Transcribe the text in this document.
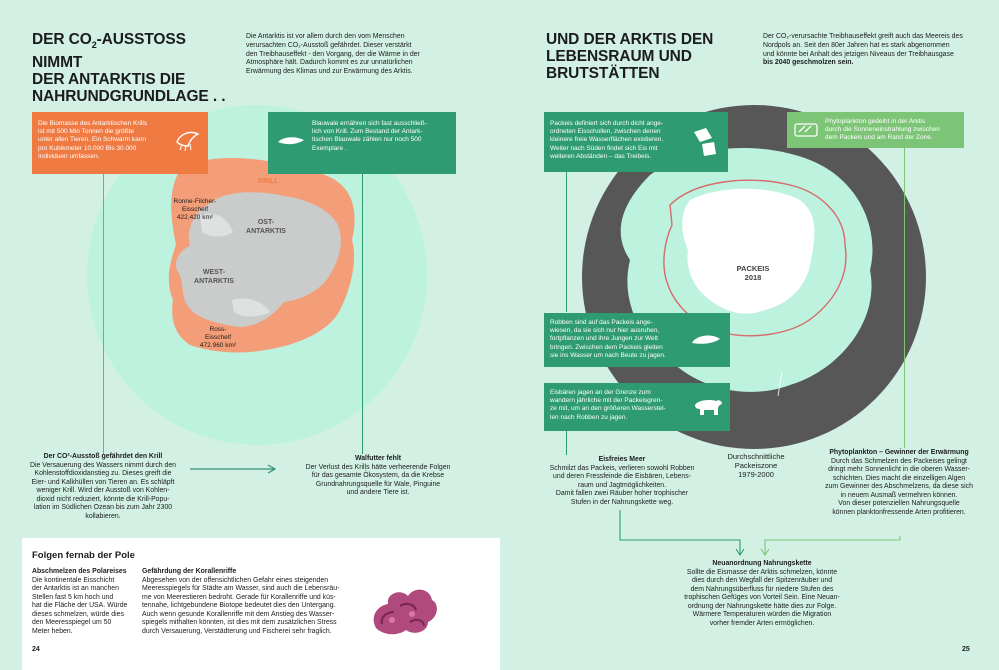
DER $CO_2$-AUSSTOSS NIMMT
DER ANTARKTIS DIE
NAHRUNDGRUNDLAGE . .
Die Antarktis ist vor allem durch den vom Menschen
verursachten CO₂-Ausstoß gefährdet. Dieser verstärkt
den Treibhauseffekt - den Vorgang, der die Wärme in der
Atmosphäre hält. Dadurch kommt es zur unnatürlichen
Erwärmung des Klimas und zur Erwärmung des Arktis.
Die Biomasse des Antarktischen Krills
ist mit 500 Mio Tonnen die größte
unter allen Tieren. Ein Schwarm kann
pro Kubikmeter 10.000 Bis 30.000
Individuen umfassen.
Blauwale ernähren sich fast ausschließ-
lich von Krill. Zum Bestand der Antark-
tischen Blauwale zählen nur noch 500
Exemplare .
KRILL
Ronne-Filcher-
Eisschelf
422.420 km²
OST-
ANTARKTIS
WEST-
ANTARKTIS
Ross-
Eisschelf
472.960 km²
Der CO²-Ausstoß gefährdet den Krill
Die Versauerung des Wassers nimmt durch den
Kohlenstoffdioxidanstieg zu. Dieses greift die
Eier- und Kalkhüllen von Tieren an. Es schläpft
weniger Krill. Wird der Ausstoß von Kohlen-
dioxid nicht reduziert, könnte die Krill-Popu-
lation im Südlichen Ozean bis zum Jahr 2300
kollabieren.
Walfutter fehlt
Der Verlust des Krills hätte verheerende Folgen
für das gesamte Ökosystem, da die Krebse
Grundnahrungsquelle für Wale, Pinguine
und andere Tiere ist.
Folgen fernab der Pole
Abschmelzen des Polareises
Die kontinentale Eisschicht
der Antarktis ist an manchen
Stellen fast 5 km hoch und
hat die Fläche der USA. Würde
dieses schmelzen, würde dies
den Meeresspiegel um 50
Meter heben.
Gefährdung der Korallenriffe
Abgesehen von der offensichtlichen Gefahr eines steigenden
Meeresspiegels für Städte am Wasser, sind auch die Lebensräu-
me von Meerestieren bedroht. Gerade für Korallenriffe und küs-
tennahe, lichtgebundene Biotope bedeutet dies den Untergang.
Auch wenn gesunde Korallenriffe mit dem Anstieg des Wasser-
spiegels mithalten könnten, ist dies mit dem zusätzlichen Stress
durch Versauerung, Verstädterung und Fischerei sehr fraglich.
24
UND DER ARKTIS DEN
LEBENSRAUM UND BRUTSTÄTTEN
Der CO₂-verursachte Treibhauseffekt greift auch das Meereis des
Nordpols an. Seit den 80er Jahren hat es stark abgenommen
und könnte bei Anhalt des jetzigen Niveaus der Treibhausgase
bis 2040 geschmolzen sein.
PACKEIS
2018
Packeis definiert sich durch dicht ange-
ordneten Eisschollen, zwischen denen
kleinere freie Wasserflächen existieren.
Weiter nach Süden findet sich Eis mit
weiteren Abständen – das Treibeis.
Phytoplankton gedeiht in der Arktis
durch die Sonneneinstrahlung zwischen
dem Packeis und am Rand der Zone.
Robben sind auf das Packeis ange-
wiesen, da sie sich nur hier ausruhen,
fortpflanzen und ihre Jungen zur Welt
bringen. Zwischen dem Packeis gleiten
sie ins Wasser um nach Beute zu jagen.
Eisbären jagen an der Grenze zum
wandern jährliche mit der Packeisgren-
ze mit, um an den größeren Wasserstel-
len nach Robben zu jagen.
Durchschnittliche
Packeiszone
1979-2000
Eisfreies Meer
Schmilzt das Packeis, verlieren sowohl Robben
und deren Fressfeinde die Eisbären, Lebens-
raum und Jagtmöglichkeiten.
Damit fallen zwei Räuber hoher trophischer
Stufen in der Nahrungskette weg.
Phytoplankton – Gewinner der Erwärmung
Durch das Schmelzen des Packeises gelingt
dringt mehr Sonnenlicht in die oberen Wasser-
schichten. Dies macht die einzelligen Algen
zum Gewinner des Abschmelzens, da diese sich
in neuem Ausmaß vermehren können.
Von dieser potenziellen Nahrungsquelle
können planktonfressende Arten profitieren.
Neuanordnung Nahrungskette
Sollte die Eismasse der Arktis schmelzen, könnte
dies durch den Wegfall der Spitzenräuber und
dem Nahrungsüberfluss für niedere Stufen des
trophischen Gefüges von Vorteil Sein. Eine Neuan-
ordnung der Nahrungskette hätte dies zur Folge.
Wärmere Temperaturen würden die Migration
vorher fremder Arten ermöglichen.
25
